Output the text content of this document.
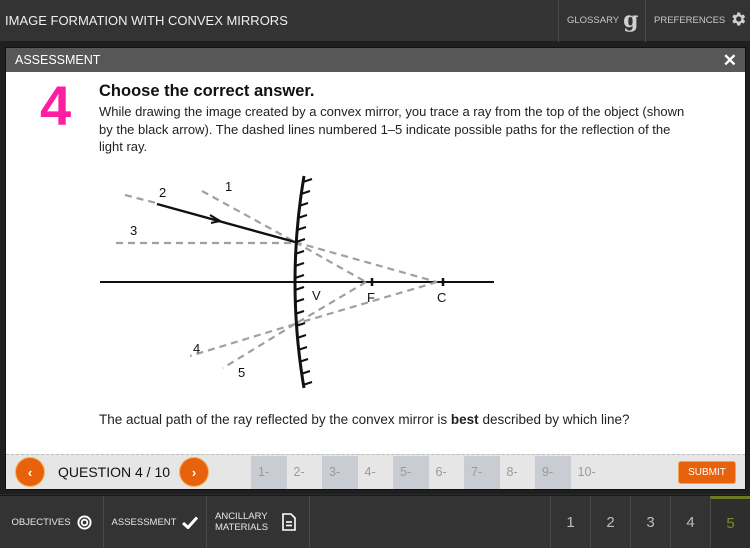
IMAGE FORMATION WITH CONVEX MIRRORS	GLOSSARY g PREFERENCES
ASSESSMENT	✕
4 Choose the correct answer.
While drawing the image created by a convex mirror, you trace a ray from the top of the object (shown by the black arrow). The dashed lines numbered 1–5 indicate possible paths for the reflection of the light ray.
1
2
3
4
5
V	F	C
The actual path of the ray reflected by the convex mirror is best described by which line?
‹ QUESTION 4 / 10 ›	1-	2-	3-	4-	5-	6-	7-	8-	9-	10-	SUBMIT
OBJECTIVES	ASSESSMENT	ANCILLARY
MATERIALS	1	2	3	4	5
